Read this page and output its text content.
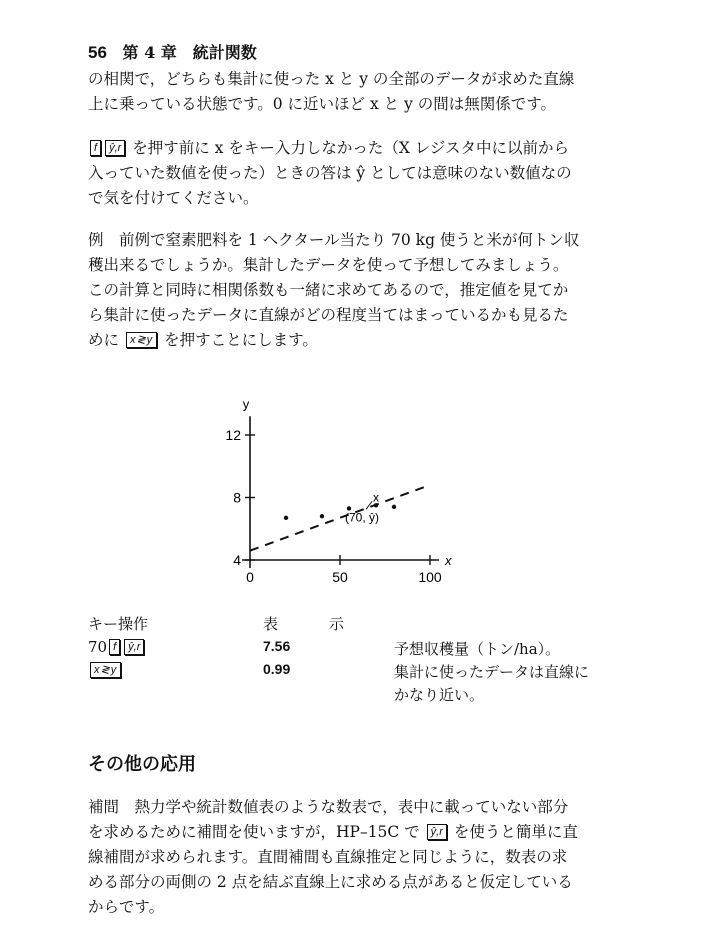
56 第 4 章　統計関数

の相関で，どちらも集計に使った x と y の全部のデータが求めた直線

上に乗っている状態です。0 に近いほど x と y の間は無関係です。

f ŷ,r を押す前に x をキー入力しなかった（X レジスタ中に以前から

入っていた数値を使った）ときの答は ŷ としては意味のない数値なの

で気を付けてください。

例　前例で窒素肥料を 1 ヘクタール当たり 70 kg 使うと米が何トン収

穫出来るでしょうか。集計したデータを使って予想してみましょう。

この計算と同時に相関係数も一緒に求めてあるので，推定値を見てか

ら集計に使ったデータに直線がどの程度当てはまっているかも見るた

めに x≷y を押すことにします。

y
x
4
8
12
0	50	100
x
(70, ŷ)
キー操作	表　示
70 f ŷ,r	7.56	予想収穫量（トン/ha）。
x≷y	0.99	集計に使ったデータは直線に
かなり近い。
その他の応用

補間　熱力学や統計数値表のような数表で，表中に載っていない部分

を求めるために補間を使いますが，HP–15C で ŷ,r を使うと簡単に直

線補間が求められます。直間補間も直線推定と同じように，数表の求

める部分の両側の 2 点を結ぶ直線上に求める点があると仮定している

からです。
